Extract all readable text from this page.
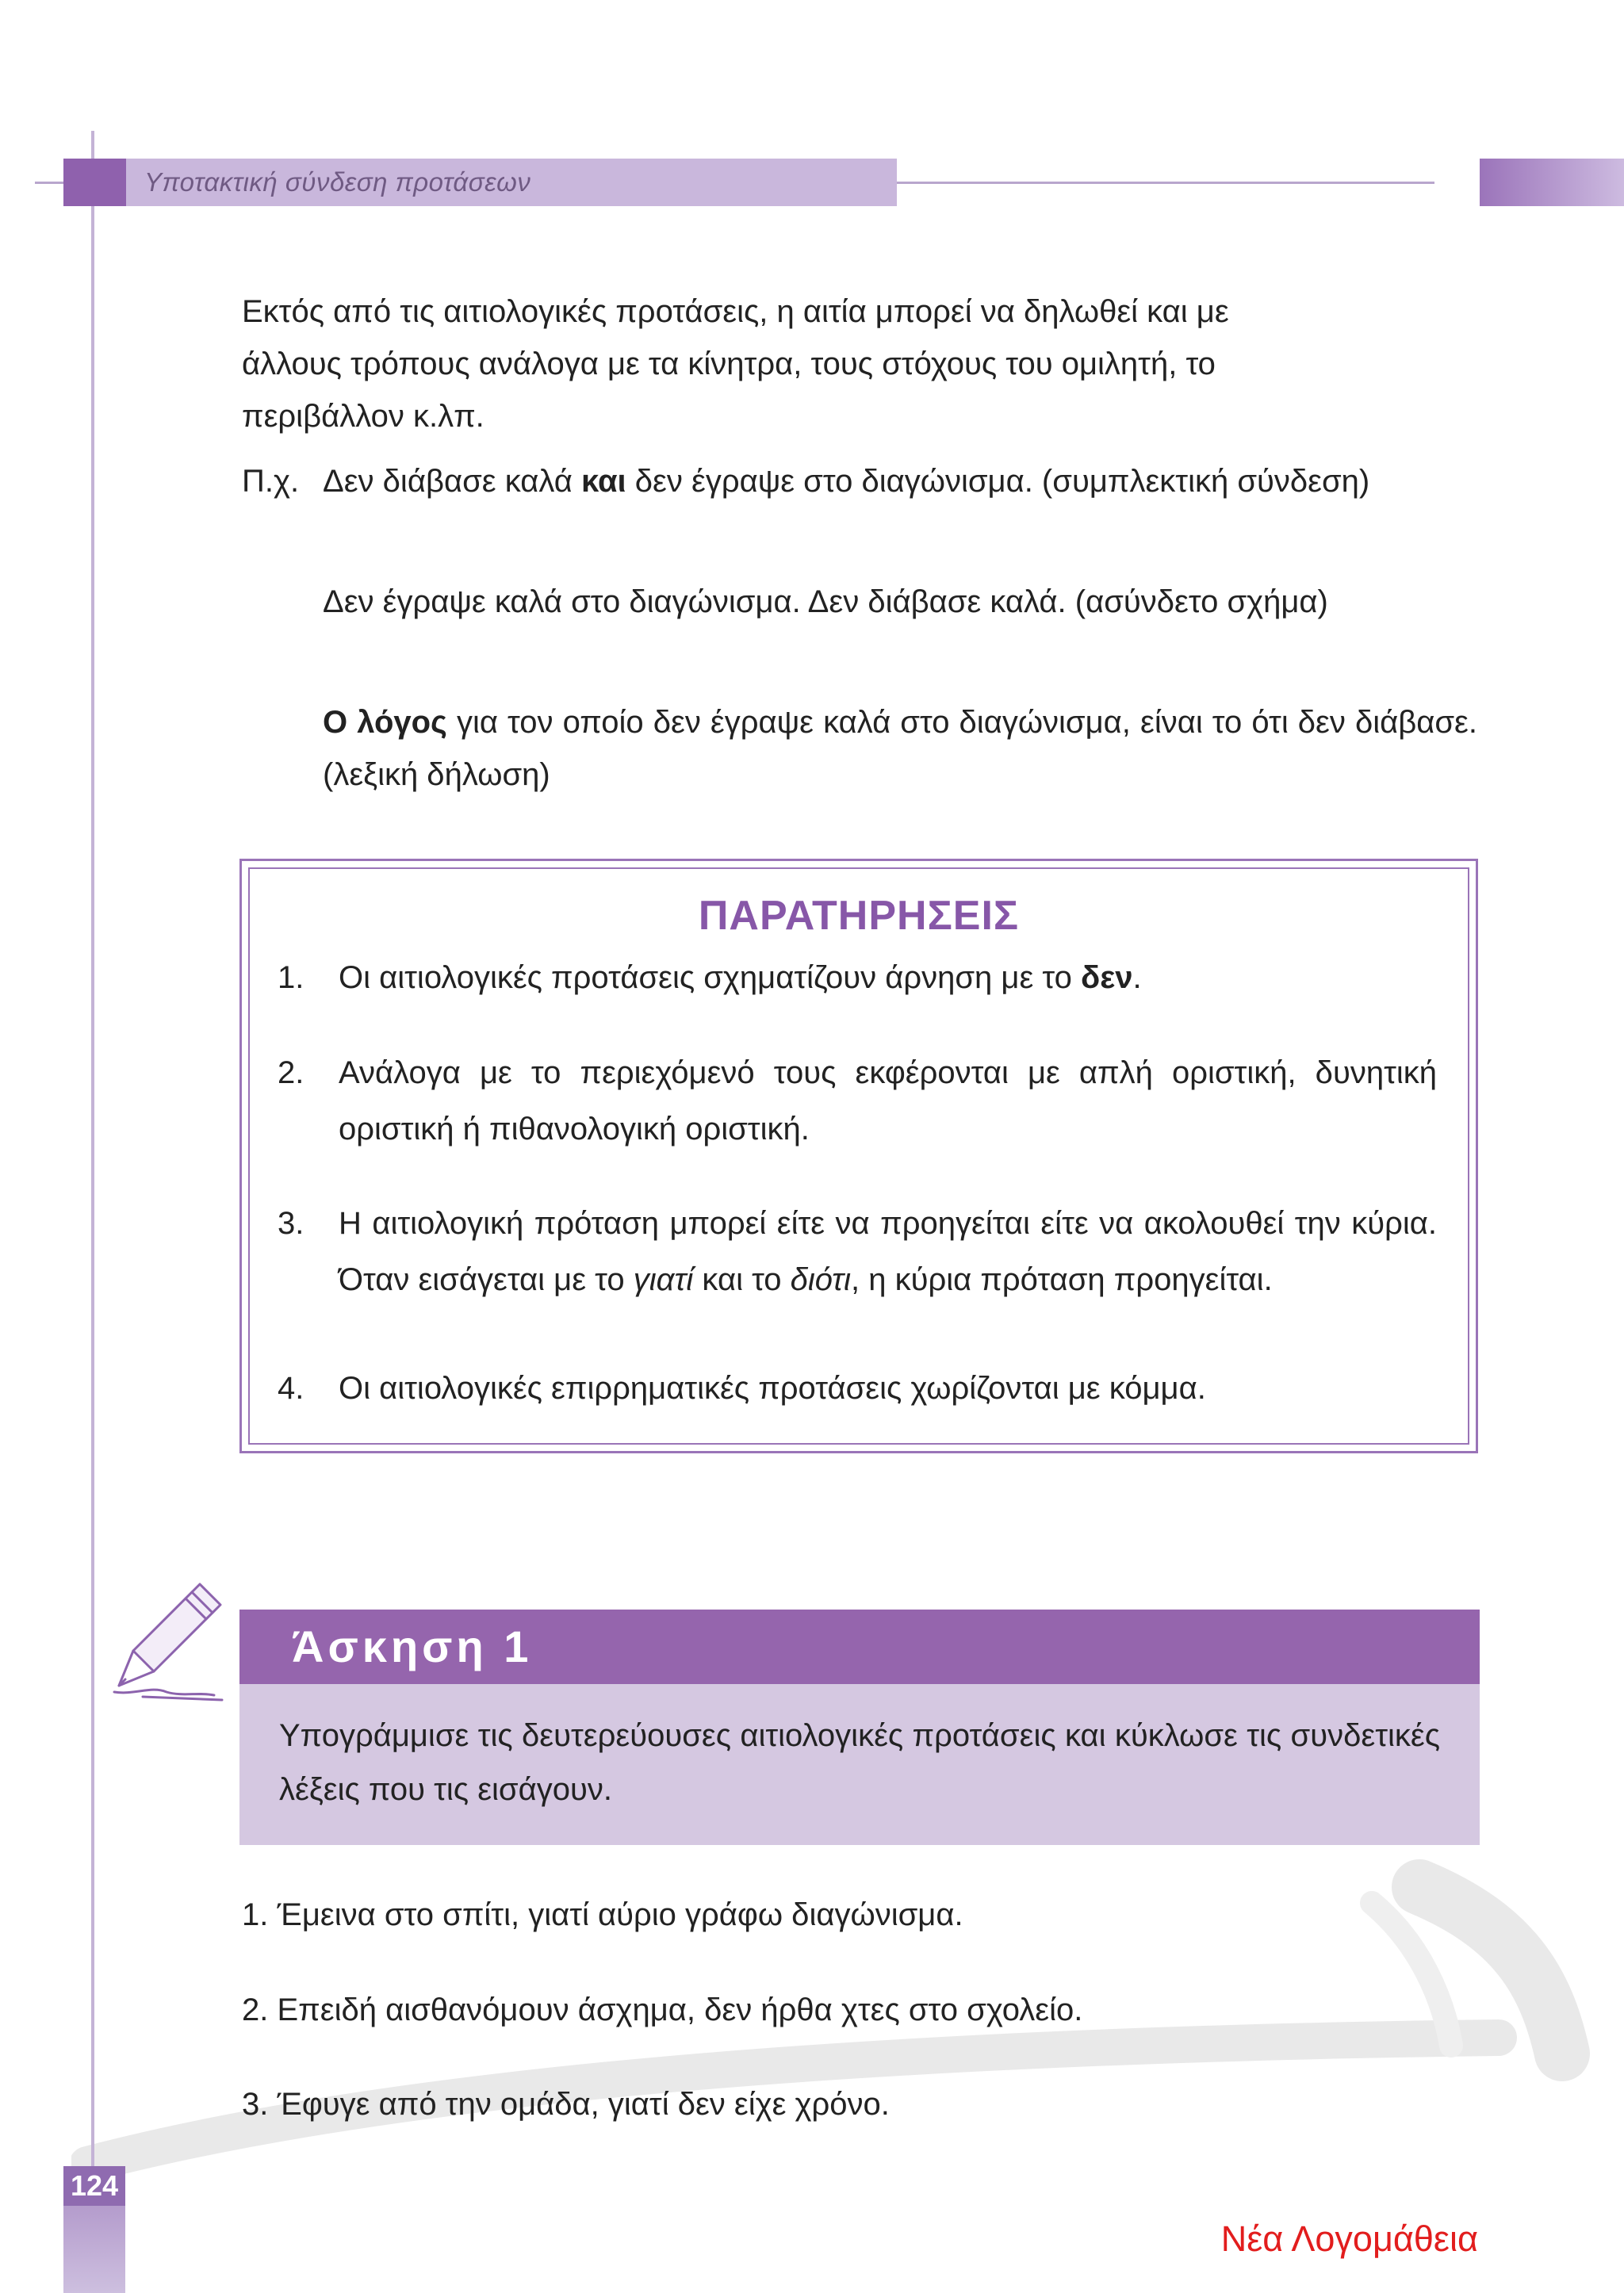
124
Υποτακτική σύνδεση προτάσεων
Εκτός από τις αιτιολογικές προτάσεις, η αιτία μπορεί να δηλωθεί και με
άλλους τρόπους ανάλογα με τα κίνητρα, τους στόχους του ομιλητή, το
περιβάλλον κ.λπ.
Π.χ. Δεν διάβασε καλά και δεν έγραψε στο διαγώνισμα. (συμπλεκτική σύνδεση)
Δεν έγραψε καλά στο διαγώνισμα. Δεν διάβασε καλά. (ασύνδετο σχήμα)
Ο λόγος για τον οποίο δεν έγραψε καλά στο διαγώνισμα, είναι το ότι δεν διάβασε. (λεξική δήλωση)
ΠΑΡΑΤΗΡΗΣΕΙΣ
1. Οι αιτιολογικές προτάσεις σχηματίζουν άρνηση με το δεν.
2. Ανάλογα με το περιεχόμενό τους εκφέρονται με απλή οριστική, δυνητική οριστική ή πιθανολογική οριστική.
3. Η αιτιολογική πρόταση μπορεί είτε να προηγείται είτε να ακολουθεί την κύρια. Όταν εισάγεται με το γιατί και το διότι, η κύρια πρόταση προηγείται.
4. Οι αιτιολογικές επιρρηματικές προτάσεις χωρίζονται με κόμμα.
Άσκηση 1
Υπογράμμισε τις δευτερεύουσες αιτιολογικές προτάσεις και κύκλωσε τις συνδετικές λέξεις που τις εισάγουν.
1. Έμεινα στο σπίτι, γιατί αύριο γράφω διαγώνισμα.
2. Επειδή αισθανόμουν άσχημα, δεν ήρθα χτες στο σχολείο.
3. Έφυγε από την ομάδα, γιατί δεν είχε χρόνο.
Νέα Λογομάθεια
